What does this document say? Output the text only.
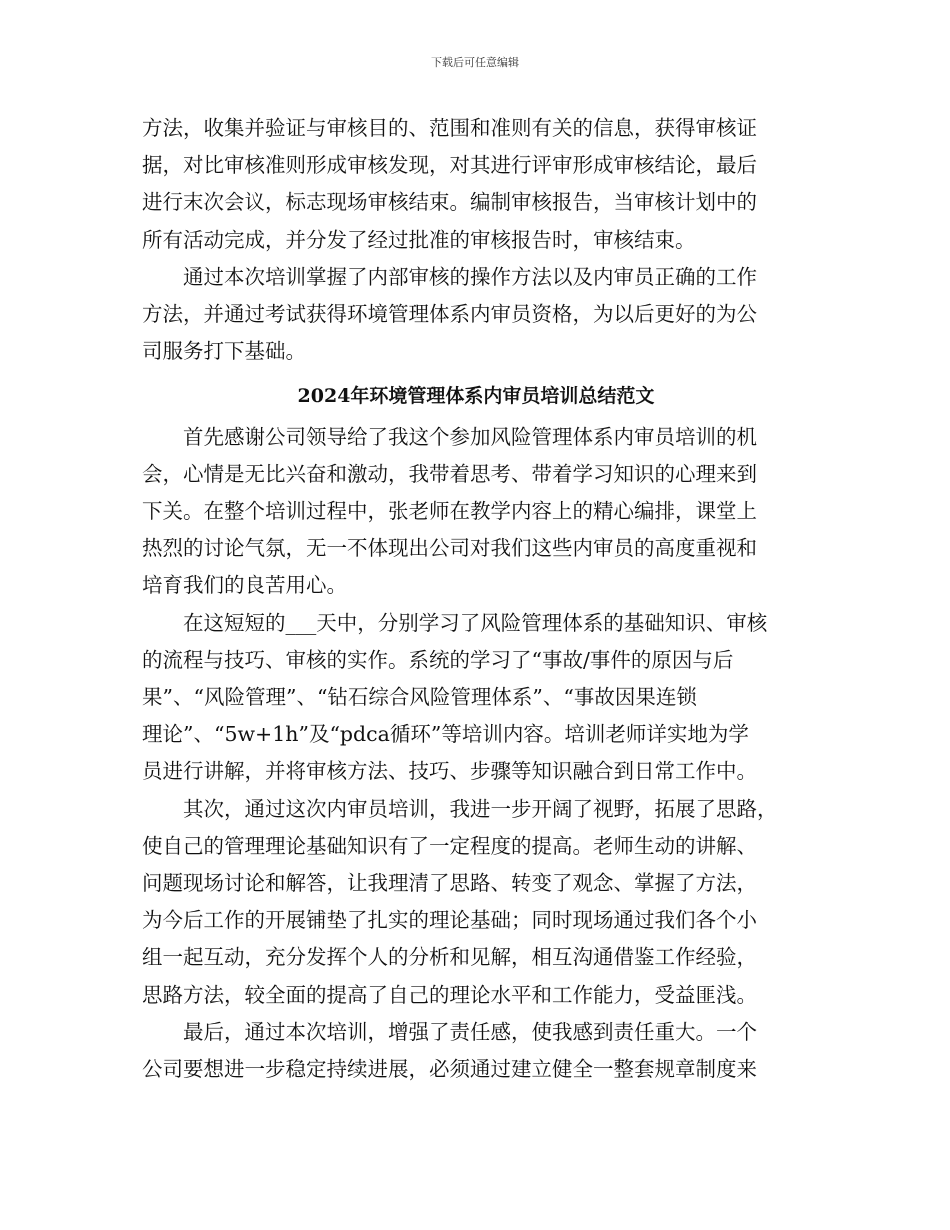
下载后可任意编辑
方法，收集并验证与审核目的、范围和准则有关的信息，获得审核证
据，对比审核准则形成审核发现，对其进行评审形成审核结论，最后
进行末次会议，标志现场审核结束。编制审核报告，当审核计划中的
所有活动完成，并分发了经过批准的审核报告时，审核结束。
　　通过本次培训掌握了内部审核的操作方法以及内审员正确的工作
方法，并通过考试获得环境管理体系内审员资格，为以后更好的为公
司服务打下基础。
2024年环境管理体系内审员培训总结范文
　　首先感谢公司领导给了我这个参加风险管理体系内审员培训的机
会，心情是无比兴奋和激动，我带着思考、带着学习知识的心理来到
下关。在整个培训过程中，张老师在教学内容上的精心编排，课堂上
热烈的讨论气氛，无一不体现出公司对我们这些内审员的高度重视和
培育我们的良苦用心。
　　在这短短的___天中，分别学习了风险管理体系的基础知识、审核
的流程与技巧、审核的实作。系统的学习了“事故/事件的原因与后
果”、“风险管理”、“钻石综合风险管理体系”、“事故因果连锁
理论”、“5w+1h”及“pdca循环”等培训内容。培训老师详实地为学
员进行讲解，并将审核方法、技巧、步骤等知识融合到日常工作中。
　　其次，通过这次内审员培训，我进一步开阔了视野，拓展了思路，
使自己的管理理论基础知识有了一定程度的提高。老师生动的讲解、
问题现场讨论和解答，让我理清了思路、转变了观念、掌握了方法，
为今后工作的开展铺垫了扎实的理论基础；同时现场通过我们各个小
组一起互动，充分发挥个人的分析和见解，相互沟通借鉴工作经验，
思路方法，较全面的提高了自己的理论水平和工作能力，受益匪浅。
　　最后，通过本次培训，增强了责任感，使我感到责任重大。一个
公司要想进一步稳定持续进展，必须通过建立健全一整套规章制度来
